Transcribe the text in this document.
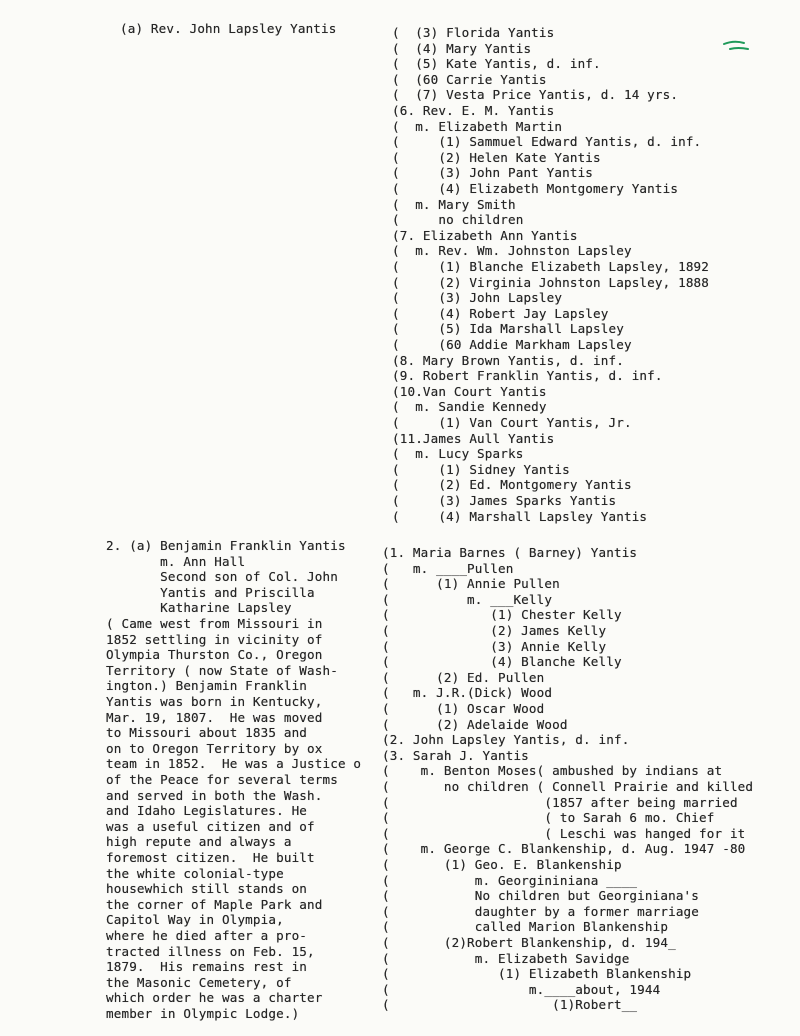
(a) Rev. John Lapsley Yantis	(  (3) Florida Yantis
(  (4) Mary Yantis
(  (5) Kate Yantis, d. inf.
(  (60 Carrie Yantis
(  (7) Vesta Price Yantis, d. 14 yrs.
(6. Rev. E. M. Yantis
(  m. Elizabeth Martin
(     (1) Sammuel Edward Yantis, d. inf.
(     (2) Helen Kate Yantis
(     (3) John Pant Yantis
(     (4) Elizabeth Montgomery Yantis
(  m. Mary Smith
(     no children
(7. Elizabeth Ann Yantis
(  m. Rev. Wm. Johnston Lapsley
(     (1) Blanche Elizabeth Lapsley, 1892
(     (2) Virginia Johnston Lapsley, 1888
(     (3) John Lapsley
(     (4) Robert Jay Lapsley
(     (5) Ida Marshall Lapsley
(     (60 Addie Markham Lapsley
(8. Mary Brown Yantis, d. inf.
(9. Robert Franklin Yantis, d. inf.
(10.Van Court Yantis
(  m. Sandie Kennedy
(     (1) Van Court Yantis, Jr.
(11.James Aull Yantis
(  m. Lucy Sparks
(     (1) Sidney Yantis
(     (2) Ed. Montgomery Yantis
(     (3) James Sparks Yantis
(     (4) Marshall Lapsley Yantis
2. (a) Benjamin Franklin Yantis
m. Ann Hall
Second son of Col. John
Yantis and Priscilla
Katharine Lapsley
( Came west from Missouri in
1852 settling in vicinity of
Olympia Thurston Co., Oregon
Territory ( now State of Wash-
ington.) Benjamin Franklin
Yantis was born in Kentucky,
Mar. 19, 1807.  He was moved
to Missouri about 1835 and
on to Oregon Territory by ox
team in 1852.  He was a Justice o
of the Peace for several terms
and served in both the Wash.
and Idaho Legislatures. He
was a useful citizen and of
high repute and always a
foremost citizen.  He built
the white colonial-type
housewhich still stands on
the corner of Maple Park and
Capitol Way in Olympia,
where he died after a pro-
tracted illness on Feb. 15,
1879.  His remains rest in
the Masonic Cemetery, of
which order he was a charter
member in Olympic Lodge.)
(1. Maria Barnes ( Barney) Yantis
(   m. ____Pullen
(      (1) Annie Pullen
(          m. ___Kelly
(             (1) Chester Kelly
(             (2) James Kelly
(             (3) Annie Kelly
(             (4) Blanche Kelly
(      (2) Ed. Pullen
(   m. J.R.(Dick) Wood
(      (1) Oscar Wood
(      (2) Adelaide Wood
(2. John Lapsley Yantis, d. inf.
(3. Sarah J. Yantis
(    m. Benton Moses( ambushed by indians at
(       no children ( Connell Prairie and killed
(                    (1857 after being married
(                    ( to Sarah 6 mo. Chief
(                    ( Leschi was hanged for it
(    m. George C. Blankenship, d. Aug. 1947 -80
(       (1) Geo. E. Blankenship
(           m. Georgininiana ____
(           No children but Georginiana's
(           daughter by a former marriage
(           called Marion Blankenship
(       (2)Robert Blankenship, d. 194_
(           m. Elizabeth Savidge
(              (1) Elizabeth Blankenship
(                  m.____about, 1944
(                     (1)Robert__
